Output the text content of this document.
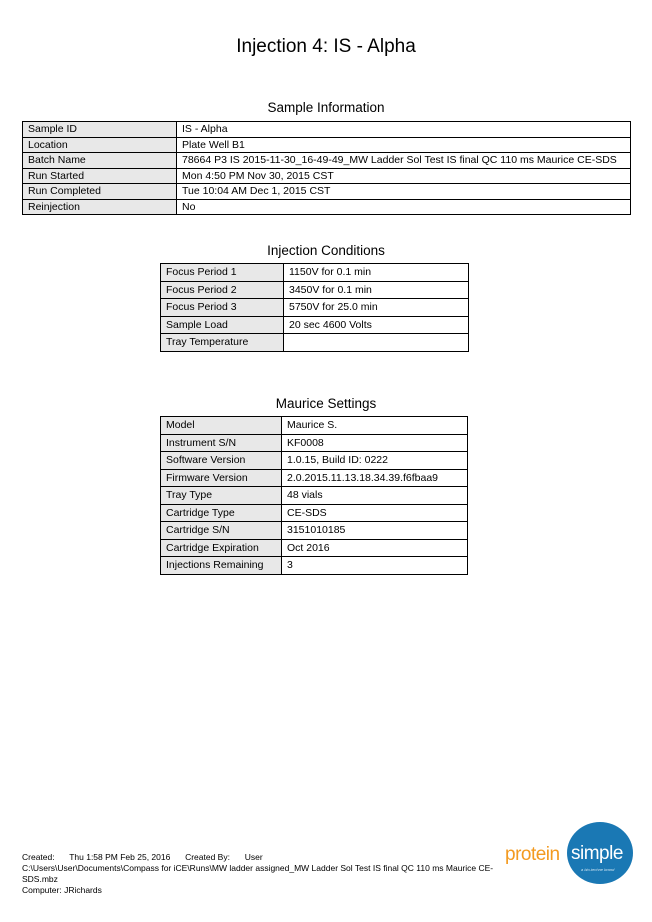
Injection 4: IS - Alpha
Sample Information
Sample ID	IS - Alpha
Location	Plate Well B1
Batch Name	78664 P3 IS 2015-11-30_16-49-49_MW Ladder Sol Test IS final QC 110 ms Maurice CE-SDS
Run Started	Mon 4:50 PM Nov 30, 2015 CST
Run Completed	Tue 10:04 AM Dec 1, 2015 CST
Reinjection	No
Injection Conditions
Focus Period 1	1150V for 0.1 min
Focus Period 2	3450V for 0.1 min
Focus Period 3	5750V for 25.0 min
Sample Load	20 sec 4600 Volts
Tray Temperature	
Maurice Settings
Model	Maurice S.
Instrument S/N	KF0008
Software Version	1.0.15, Build ID: 0222
Firmware Version	2.0.2015.11.13.18.34.39.f6fbaa9
Tray Type	48 vials
Cartridge Type	CE-SDS
Cartridge S/N	3151010185
Cartridge Expiration	Oct 2016
Injections Remaining	3
Created: Thu 1:58 PM Feb 25, 2016 Created By: User
C:\Users\User\Documents\Compass for iCE\Runs\MW ladder assigned_MW Ladder Sol Test IS final QC 110 ms Maurice CE-SDS.mbz
Computer: JRichards
simple
a bio-techne brand
protein
